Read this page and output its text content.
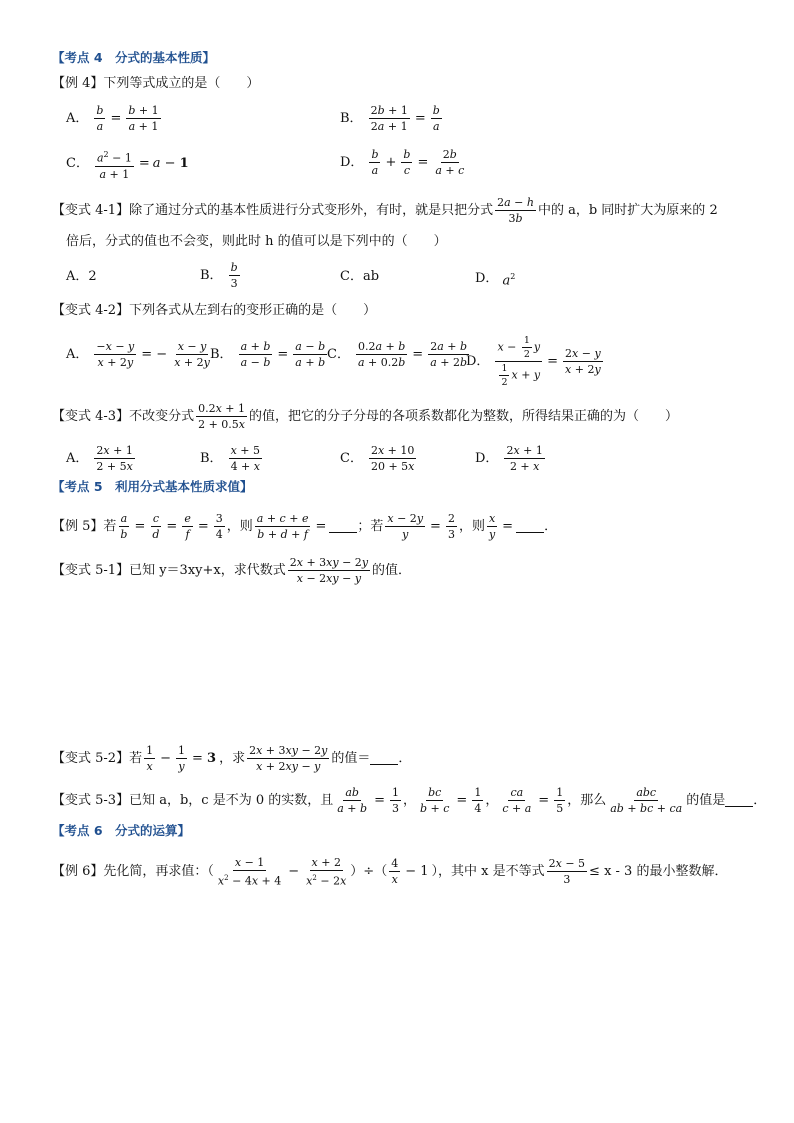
【考点 4　分式的基本性质】
【例 4】下列等式成立的是（　　）
A． $\frac{b}{a} = \frac{b + 1}{a + 1}$	B． $\frac{2b + 1}{2a + 1} = \frac{b}{a}$
C． $\frac{a^2 - 1}{a + 1} = a - 1$	D． $\frac{b}{a} + \frac{b}{c} = \frac{2b}{a + c}$
【变式 4-1】 除了通过分式的基本性质进行分式变形外，有时，就是只把分式 $\frac{2a - h}{3b}$ 中的 a，b 同时扩大为原来的 2
倍后，分式的值也不会变，则此时 h 的值可以是下列中的（　　）
A．2	B． $\frac{b}{3}$	C．ab	D． $a^2$
【变式 4-2】下列各式从左到右的变形正确的是（　　）
A． $\frac{-x - y}{x + 2y}$ = − $\frac{x - y}{x + 2y}$
B． $\frac{a + b}{a - b} = \frac{a - b}{a + b}$ C． $\frac{0.2a + b}{a + 0.2b} = \frac{2a + b}{a + 2b}$
D． $\frac{x - \frac{1}{2} y}{\frac{1}{2} x + y} = \frac{2x - y}{x + 2y}$
【变式 4-3】 不改变分式 $\frac{0.2x + 1}{2 + 0.5x}$ 的值，把它的分子分母的各项系数都化为整数，所得结果正确的为（　　）
A． $\frac{2x + 1}{2 + 5x}$	B． $\frac{x + 5}{4 + x}$	C． $\frac{2x + 10}{20 + 5x}$	D． $\frac{2x + 1}{2 + x}$
【考点 5　利用分式基本性质求值】
【例 5】 若 $\frac{a}{b} = \frac{c}{d} = \frac{e}{f} = \frac{3}{4}$ ，则 $\frac{a + c + e}{b + d + f}$ = ；若 $\frac{x - 2y}{y} = \frac{2}{3}$ ，则 $\frac{x}{y}$ = ．
【变式 5-1】 已知 y＝3xy+x，求代数式 $\frac{2x + 3xy - 2y}{x - 2xy - y}$ 的值．
【变式 5-2】 若 $\frac{1}{x} - \frac{1}{y} = 3$ ，求 $\frac{2x + 3xy - 2y}{x + 2xy - y}$ 的值＝ ．
【变式 5-3】 已知 a，b，c 是不为 0 的实数，且 $\frac{ab}{a + b} = \frac{1}{3}$ ， $\frac{bc}{b + c} = \frac{1}{4}$ ， $\frac{ca}{c + a} = \frac{1}{5}$ ，那么 $\frac{\text{abc}}{ab + bc + ca}$ 的值是 ．
【考点 6　分式的运算】
【例 6】 先化简，再求值：（ $\frac{x - 1}{x^2 - 4x + 4} - \frac{x + 2}{x^2 - 2x}$ ）÷（ $\frac{4}{x} - 1$ ），其中 x 是不等式 $\frac{2x - 5}{3} \le x - 3$ 的最小整数解．
